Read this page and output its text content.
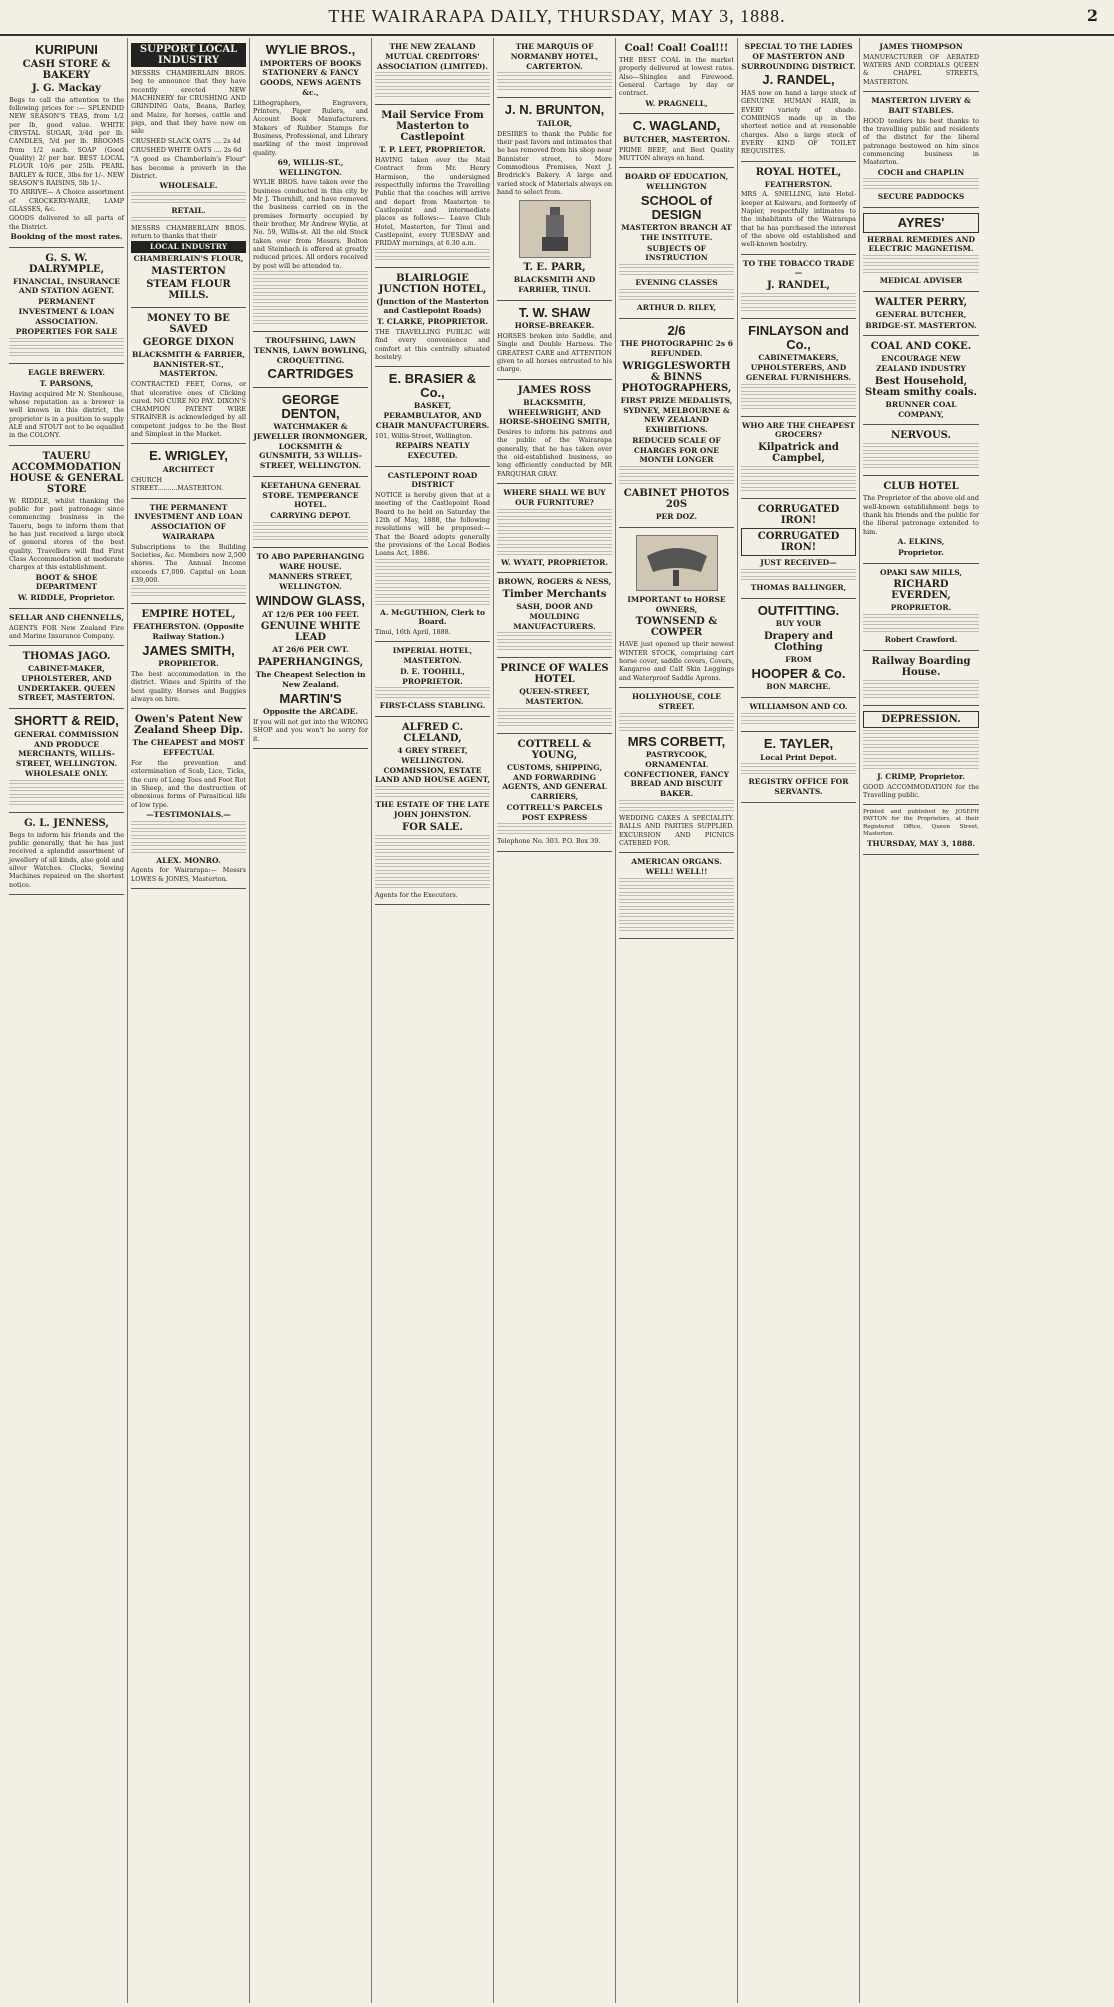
THE WAIRARAPA DAILY, THURSDAY, MAY 3, 1888.	2
KURIPUNI
CASH STORE & BAKERY
J. G. Mackay

Begs to call the attention to the following prices for :— SPLENDID NEW SEASON'S TEAS, from 1/2 per lb, good value. WHITE CRYSTAL SUGAR, 3/4d per lb. CANDLES, 5/d per lb. BROOMS from 1/2 each. SOAP (Good Quality) 2/ per bar. BEST LOCAL FLOUR 10/6 per 25lb. PEARL BARLEY & RICE, 3lbs for 1/-. NEW SEASON'S RAISINS, 5lb 1/-.

TO ARRIVE— A Choice assortment of CROCKERY-WARE, LAMP GLASSES, &c.

GOODS delivered to all parts of the District.

Booking of the most rates.
G. S. W. DALRYMPLE,
FINANCIAL, INSURANCE AND STATION AGENT.
PERMANENT INVESTMENT & LOAN ASSOCIATION.
PROPERTIES FOR SALE
EAGLE BREWERY.
T. PARSONS,

Having acquired Mr N. Stenhouse, whose reputation as a brewer is well known in this district, the proprietor is in a position to supply ALE and STOUT not to be equalled in the COLONY.

TAUERU ACCOMMODATION HOUSE & GENERAL STORE

W. RIDDLE, whilst thanking the public for past patronage since commencing business in the Taueru, begs to inform them that he has just received a large stock of general stores of the best quality. Travellers will find First Class Accommodation at moderate charges at this establishment.

BOOT & SHOE DEPARTMENT
W. RIDDLE, Proprietor.
SELLAR AND CHENNELLS,

AGENTS FOR New Zealand Fire and Marine Insurance Company.

THOMAS JAGO.
CABINET-MAKER, UPHOLSTERER, AND UNDERTAKER. QUEEN STREET, MASTERTON.
SHORTT & REID,
GENERAL COMMISSION AND PRODUCE MERCHANTS, WILLIS-STREET, WELLINGTON. WHOLESALE ONLY.
G. L. JENNESS,

Begs to inform his friends and the public generally, that he has just received a splendid assortment of jewellery of all kinds, also gold and silver Watches. Clocks, Sewing Machines repaired on the shortest notice.

SUPPORT LOCAL INDUSTRY

MESSRS CHAMBERLAIN BROS. beg to announce that they have recently erected NEW MACHINERY for CRUSHING AND GRINDING Oats, Beans, Barley, and Maize, for horses, cattle and pigs, and that they have now on sale

CRUSHED SLACK OATS .... 2s 4d

CRUSHED WHITE OATS .... 2s 6d

"A good as Chamberlain's Flour" has become a proverb in the District.

WHOLESALE.
RETAIL.

MESSRS CHAMBERLAIN BROS. return to thanks that their

LOCAL INDUSTRY
CHAMBERLAIN'S FLOUR,
MASTERTON
STEAM FLOUR MILLS.
MONEY TO BE SAVED
GEORGE DIXON
BLACKSMITH & FARRIER, BANNISTER-ST., MASTERTON.

CONTRACTED FEET, Corns, or that ulcerative ones of Clicking cured. NO CURE NO PAY. DIXON'S CHAMPION PATENT WIRE STRAINER is acknowledged by all competent judges to be the Best and Simplest in the Market.

E. WRIGLEY,
ARCHITECT

CHURCH STREET..........MASTERTON.

THE PERMANENT INVESTMENT AND LOAN ASSOCIATION OF WAIRARAPA

Subscriptions to the Building Societies, &c. Members now 2,500 shares. The Annual Income exceeds £7,000. Capital on Loan £39,000.

EMPIRE HOTEL,
FEATHERSTON. (Opposite Railway Station.)
JAMES SMITH,
PROPRIETOR.

The best accommodation in the district. Wines and Spirits of the best quality. Horses and Buggies always on hire.

Owen's Patent New Zealand Sheep Dip.
The CHEAPEST and MOST EFFECTUAL

For the prevention and extermination of Scab, Lice, Ticks, the cure of Long Toes and Foot Rot in Sheep, and the destruction of obnoxious forms of Parasitical life of low type.

—TESTIMONIALS.—
ALEX. MONRO.

Agents for Wairarapa:— Messrs LOWES & JONES, Masterton.

WYLIE BROS.,
IMPORTERS OF BOOKS STATIONERY & FANCY GOODS, NEWS AGENTS &c.,

Lithographers, Engravers, Printers, Paper Rulers, and Account Book Manufacturers. Makers of Rubber Stamps for Business, Professional, and Library marking of the most improved quality.

69, WILLIS-ST., WELLINGTON.

WYLIE BROS. have taken over the business conducted in this city by Mr J. Thornhill, and have removed the business carried on in the premises formerly occupied by their brother, Mr Andrew Wylie, at No. 59, Willis-st. All the old Stock taken over from Messrs. Bolton and Steinbach is offered at greatly reduced prices. All orders received by post will be attended to.

TROUFSHING, LAWN TENNIS, LAWN BOWLING, CROQUETTING.
CARTRIDGES
GEORGE DENTON,
WATCHMAKER & JEWELLER IRONMONGER, LOCKSMITH & GUNSMITH, 53 WILLIS-STREET, WELLINGTON.
KEETAHUNA GENERAL STORE. TEMPERANCE HOTEL.
CARRYING DEPOT.
TO ABO PAPERHANGING WARE HOUSE.
MANNERS STREET, WELLINGTON.
WINDOW GLASS,
AT 12/6 PER 100 FEET.
GENUINE WHITE LEAD
AT 26/6 PER CWT.
PAPERHANGINGS,
The Cheapest Selection in New Zealand.
MARTIN'S
Opposite the ARCADE.

If you will not get into the WRONG SHOP and you won't be sorry for it.

THE NEW ZEALAND MUTUAL CREDITORS' ASSOCIATION (LIMITED).
Mail Service From Masterton to Castlepoint
T. P. LEET, PROPRIETOR.

HAVING taken over the Mail Contract from Mr. Henry Harmison, the undersigned respectfully informs the Travelling Public that the coaches will arrive and depart from Masterton to Castlepoint and intermediate places as follows:— Leave Club Hotel, Masterton, for Tinui and Castlepoint, every TUESDAY and FRIDAY mornings, at 6.30 a.m.

BLAIRLOGIE JUNCTION HOTEL,
(Junction of the Masterton and Castlepoint Roads)
T. CLARKE, PROPRIETOR.

THE TRAVELLING PUBLIC will find every convenience and comfort at this centrally situated hostelry.

E. BRASIER & Co.,
BASKET, PERAMBULATOR, AND CHAIR MANUFACTURERS.

101, Willis-Street, Wellington.

REPAIRS NEATLY EXECUTED.
CASTLEPOINT ROAD DISTRICT

NOTICE is hereby given that at a meeting of the Castlepoint Road Board to be held on Saturday the 12th of May, 1888, the following resolutions will be proposed:— That the Board adopts generally the provisions of the Local Bodies Loans Act, 1886.

A. McGUTHION, Clerk to Board.

Tinui, 16th April, 1888.

IMPERIAL HOTEL, MASTERTON.
D. E. TOOHILL, PROPRIETOR.
FIRST-CLASS STABLING.
ALFRED C. CLELAND,
4 GREY STREET, WELLINGTON. COMMISSION, ESTATE LAND AND HOUSE AGENT,
THE ESTATE OF THE LATE JOHN JOHNSTON.
FOR SALE.

Agents for the Executors.

THE MARQUIS OF NORMANBY HOTEL, CARTERTON.
J. N. BRUNTON,
TAILOR,

DESIRES to thank the Public for their past favors and intimates that he has removed from his shop near Bannister street, to More Commodious Premises, Next J. Brodrick's Bakery. A large and varied stock of Materials always on hand to select from.

T. E. PARR,
BLACKSMITH AND FARRIER, TINUI.
T. W. SHAW
HORSE-BREAKER.

HORSES broken into Saddle, and Single and Double Harness. The GREATEST CARE and ATTENTION given to all horses entrusted to his charge.

JAMES ROSS
BLACKSMITH, WHEELWRIGHT, AND HORSE-SHOEING SMITH,

Desires to inform his patrons and the public of the Wairarapa generally, that he has taken over the old-established business, so long efficiently conducted by MR FARQUHAR GRAY.

WHERE SHALL WE BUY OUR FURNITURE?
W. WYATT, PROPRIETOR.
BROWN, ROGERS & NESS,
Timber Merchants
SASH, DOOR AND MOULDING MANUFACTURERS.
PRINCE OF WALES HOTEL
QUEEN-STREET, MASTERTON.
COTTRELL & YOUNG,
CUSTOMS, SHIPPING, AND FORWARDING AGENTS, AND GENERAL CARRIERS,
COTTRELL'S PARCELS POST EXPRESS

Telephone No. 303. P.O. Box 39.

Coal! Coal! Coal!!!

THE BEST COAL in the market properly delivered at lowest rates. Also—Shingles and Firewood. General Cartage by day or contract.

W. PRAGNELL,
C. WAGLAND,
BUTCHER, MASTERTON.

PRIME BEEF, and Best Quality MUTTON always on hand.

BOARD OF EDUCATION, WELLINGTON
SCHOOL of DESIGN
MASTERTON BRANCH AT THE INSTITUTE.
SUBJECTS OF INSTRUCTION
EVENING CLASSES
ARTHUR D. RILEY,
2/6
THE PHOTOGRAPHIC 2s 6 REFUNDED.
WRIGGLESWORTH & BINNS PHOTOGRAPHERS,
FIRST PRIZE MEDALISTS, SYDNEY, MELBOURNE & NEW ZEALAND EXHIBITIONS.
REDUCED SCALE OF CHARGES FOR ONE MONTH LONGER
CABINET PHOTOS 20S
PER DOZ.
IMPORTANT to HORSE OWNERS,
TOWNSEND & COWPER

HAVE just opened up their newest WINTER STOCK, comprising cart horse cover, saddle covers, Covers, Kangaroo and Calf Skin Leggings and Waterproof Saddle Aprons.

HOLLYHOUSE, COLE STREET.
MRS CORBETT,
PASTRYCOOK, ORNAMENTAL CONFECTIONER, FANCY BREAD AND BISCUIT BAKER.

WEDDING CAKES A SPECIALITY. BALLS AND PARTIES SUPPLIED. EXCURSION AND PICNICS CATERED FOR.

AMERICAN ORGANS. WELL! WELL!!
SPECIAL TO THE LADIES OF MASTERTON AND SURROUNDING DISTRICT.
J. RANDEL,

HAS now on hand a large stock of GENUINE HUMAN HAIR, in EVERY variety of shade. COMBINGS made up in the shortest notice and at reasonable charges. Also a large stock of EVERY KIND OF TOILET REQUISITES.

ROYAL HOTEL,
FEATHERSTON.

MRS A. SNELLING, late Hotel-keeper at Kaiwaru, and formerly of Napier, respectfully intimates to the inhabitants of the Wairarapa that he has purchased the interest of the above old established and well-known hostelry.

TO THE TOBACCO TRADE—
J. RANDEL,
FINLAYSON and Co.,
CABINETMAKERS, UPHOLSTERERS, AND GENERAL FURNISHERS.
WHO ARE THE CHEAPEST GROCERS?
Kilpatrick and Campbel,
CORRUGATED IRON!
CORRUGATED IRON!
JUST RECEIVED—
THOMAS BALLINGER,
OUTFITTING.
BUY YOUR
Drapery and Clothing
FROM
HOOPER & Co.
BON MARCHE.
WILLIAMSON AND CO.
E. TAYLER,
Local Print Depot.
REGISTRY OFFICE FOR SERVANTS.
JAMES THOMPSON

MANUFACTURER OF AERATED WATERS AND CORDIALS QUEEN & CHAPEL STREETS, MASTERTON.

MASTERTON LIVERY & BAIT STABLES.

HOOD tenders his best thanks to the travelling public and residents of the district for the liberal patronage bestowed on him since commencing business in Masterton.

COCH and CHAPLIN
SECURE PADDOCKS
AYRES'
HERBAL REMEDIES AND ELECTRIC MAGNETISM.
MEDICAL ADVISER
WALTER PERRY,
GENERAL BUTCHER,
BRIDGE-ST. MASTERTON.
COAL AND COKE.
ENCOURAGE NEW ZEALAND INDUSTRY
Best Household, Steam smithy coals.
BRUNNER COAL COMPANY,
NERVOUS.
CLUB HOTEL

The Proprietor of the above old and well-known establishment begs to thank his friends and the public for the liberal patronage extended to him.

A. ELKINS,
Proprietor.
OPAKI SAW MILLS,
RICHARD EVERDEN,
PROPRIETOR.
Robert Crawford.
Railway Boarding House.
DEPRESSION.
J. CRIMP, Proprietor.

GOOD ACCOMMODATION for the Travelling public.

Printed and published by JOSEPH PAYTON for the Proprietors, at their Registered Office, Queen Street, Masterton.

THURSDAY, MAY 3, 1888.
